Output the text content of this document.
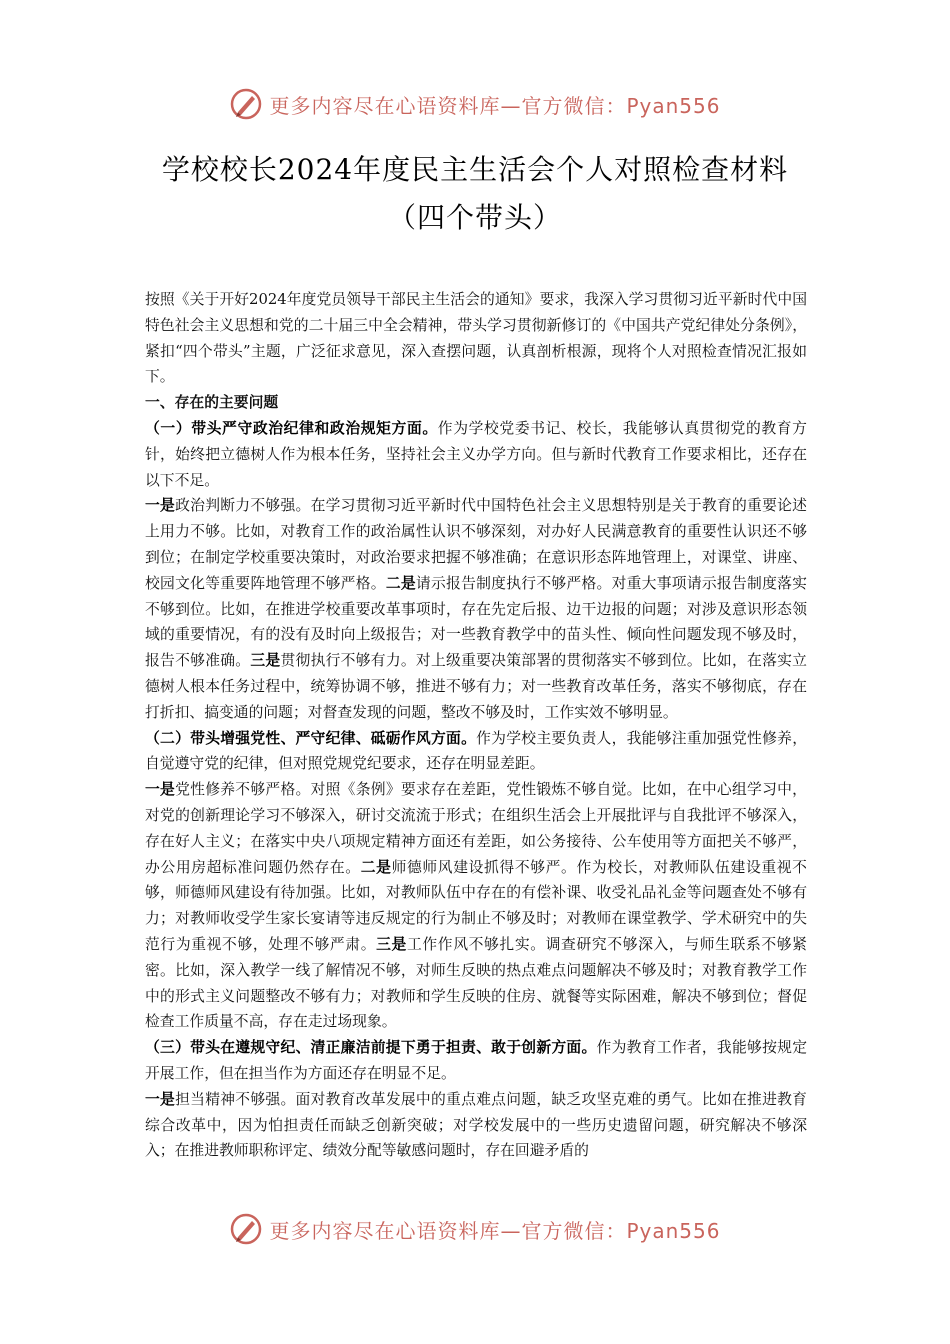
更多内容尽在心语资料库—官方微信：Pyan556
学校校长2024年度民主生活会个人对照检查材料
（四个带头）

按照《关于开好2024年度党员领导干部民主生活会的通知》要求，我深入学习贯彻习近平新时代中国特色社会主义思想和党的二十届三中全会精神，带头学习贯彻新修订的《中国共产党纪律处分条例》，紧扣“四个带头”主题，广泛征求意见，深入查摆问题，认真剖析根源，现将个人对照检查情况汇报如下。

一、存在的主要问题

（一）带头严守政治纪律和政治规矩方面。作为学校党委书记、校长，我能够认真贯彻党的教育方针，始终把立德树人作为根本任务，坚持社会主义办学方向。但与新时代教育工作要求相比，还存在以下不足。

一是政治判断力不够强。在学习贯彻习近平新时代中国特色社会主义思想特别是关于教育的重要论述上用力不够。比如，对教育工作的政治属性认识不够深刻，对办好人民满意教育的重要性认识还不够到位；在制定学校重要决策时，对政治要求把握不够准确；在意识形态阵地管理上，对课堂、讲座、校园文化等重要阵地管理不够严格。二是请示报告制度执行不够严格。对重大事项请示报告制度落实不够到位。比如，在推进学校重要改革事项时，存在先定后报、边干边报的问题；对涉及意识形态领域的重要情况，有的没有及时向上级报告；对一些教育教学中的苗头性、倾向性问题发现不够及时，报告不够准确。三是贯彻执行不够有力。对上级重要决策部署的贯彻落实不够到位。比如，在落实立德树人根本任务过程中，统筹协调不够，推进不够有力；对一些教育改革任务，落实不够彻底，存在打折扣、搞变通的问题；对督查发现的问题，整改不够及时，工作实效不够明显。

（二）带头增强党性、严守纪律、砥砺作风方面。作为学校主要负责人，我能够注重加强党性修养，自觉遵守党的纪律，但对照党规党纪要求，还存在明显差距。

一是党性修养不够严格。对照《条例》要求存在差距，党性锻炼不够自觉。比如，在中心组学习中，对党的创新理论学习不够深入，研讨交流流于形式；在组织生活会上开展批评与自我批评不够深入，存在好人主义；在落实中央八项规定精神方面还有差距，如公务接待、公车使用等方面把关不够严，办公用房超标准问题仍然存在。二是师德师风建设抓得不够严。作为校长，对教师队伍建设重视不够，师德师风建设有待加强。比如，对教师队伍中存在的有偿补课、收受礼品礼金等问题查处不够有力；对教师收受学生家长宴请等违反规定的行为制止不够及时；对教师在课堂教学、学术研究中的失范行为重视不够，处理不够严肃。三是工作作风不够扎实。调查研究不够深入，与师生联系不够紧密。比如，深入教学一线了解情况不够，对师生反映的热点难点问题解决不够及时；对教育教学工作中的形式主义问题整改不够有力；对教师和学生反映的住房、就餐等实际困难，解决不够到位；督促检查工作质量不高，存在走过场现象。

（三）带头在遵规守纪、清正廉洁前提下勇于担责、敢于创新方面。作为教育工作者，我能够按规定开展工作，但在担当作为方面还存在明显不足。

一是担当精神不够强。面对教育改革发展中的重点难点问题，缺乏攻坚克难的勇气。比如在推进教育综合改革中，因为怕担责任而缺乏创新突破；对学校发展中的一些历史遗留问题，研究解决不够深入；在推进教师职称评定、绩效分配等敏感问题时，存在回避矛盾的

更多内容尽在心语资料库—官方微信：Pyan556
